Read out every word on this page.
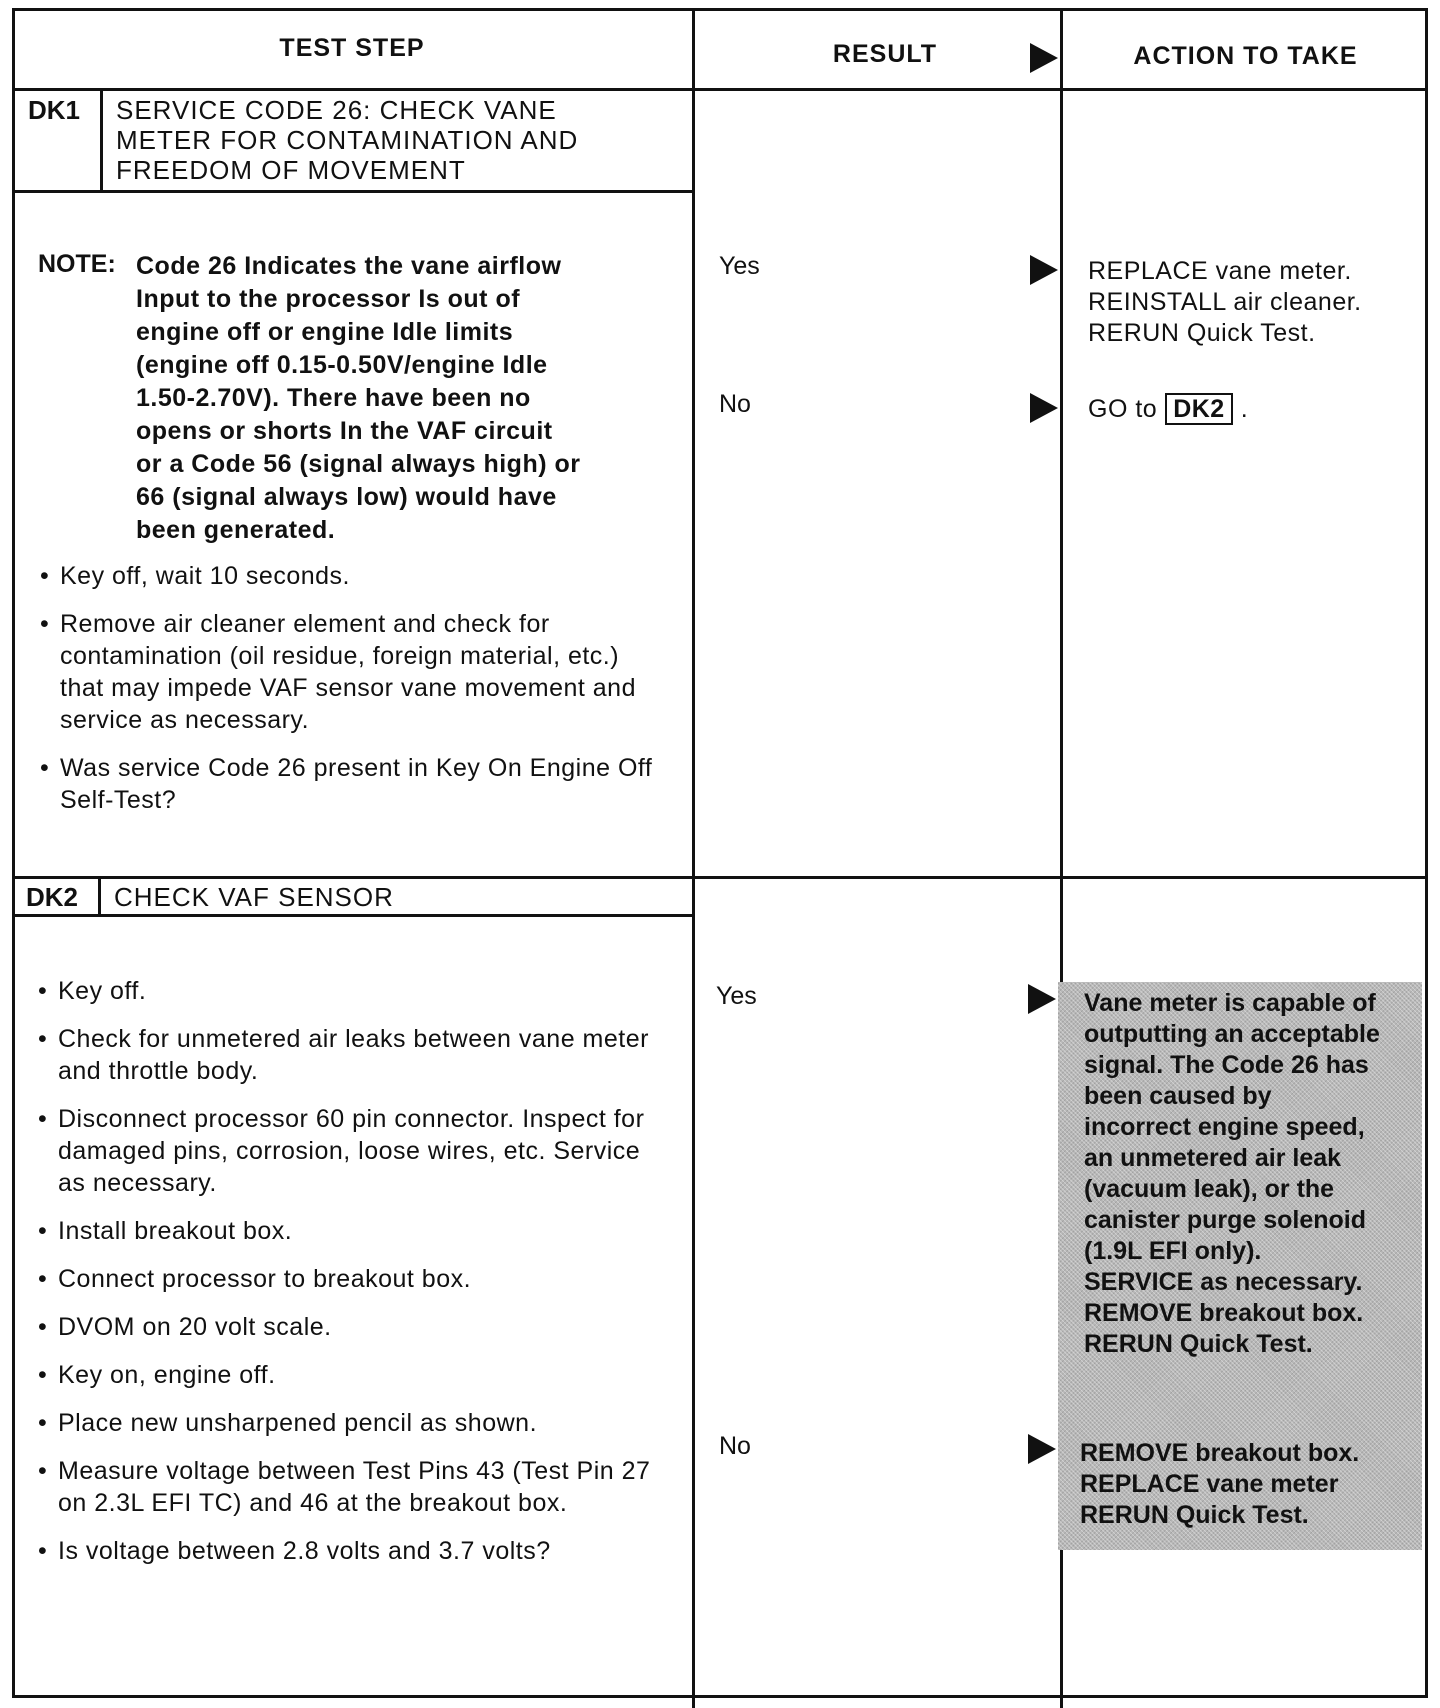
TEST STEP	RESULT	ACTION TO TAKE
DK1 SERVICE CODE 26: CHECK VANE
METER FOR CONTAMINATION AND
FREEDOM OF MOVEMENT
NOTE: Code 26 Indicates the vane airflow
Input to the processor Is out of
engine off or engine Idle limits
(engine off 0.15-0.50V/engine Idle
1.50-2.70V). There have been no
opens or shorts In the VAF circuit
or a Code 56 (signal always high) or
66 (signal always low) would have
been generated.
• Key off, wait 10 seconds.
• Remove air cleaner element and check for contamination (oil residue, foreign material, etc.) that may impede VAF sensor vane movement and service as necessary.
• Was service Code 26 present in Key On Engine Off Self-Test?
Yes	REPLACE vane meter.
REINSTALL air cleaner.
RERUN Quick Test.
No	GO to DK2 .
DK2 CHECK VAF SENSOR
• Key off.
• Check for unmetered air leaks between vane meter and throttle body.
• Disconnect processor 60 pin connector. Inspect for damaged pins, corrosion, loose wires, etc. Service as necessary.
• Install breakout box.
• Connect processor to breakout box.
• DVOM on 20 volt scale.
• Key on, engine off.
• Place new unsharpened pencil as shown.
• Measure voltage between Test Pins 43 (Test Pin 27 on 2.3L EFI TC) and 46 at the breakout box.
• Is voltage between 2.8 volts and 3.7 volts?
Yes	Vane meter is capable of
outputting an acceptable
signal. The Code 26 has
been caused by
incorrect engine speed,
an unmetered air leak
(vacuum leak), or the
canister purge solenoid
(1.9L EFI only).
SERVICE as necessary.
REMOVE breakout box.
RERUN Quick Test.
No	REMOVE breakout box.
REPLACE vane meter
RERUN Quick Test.
